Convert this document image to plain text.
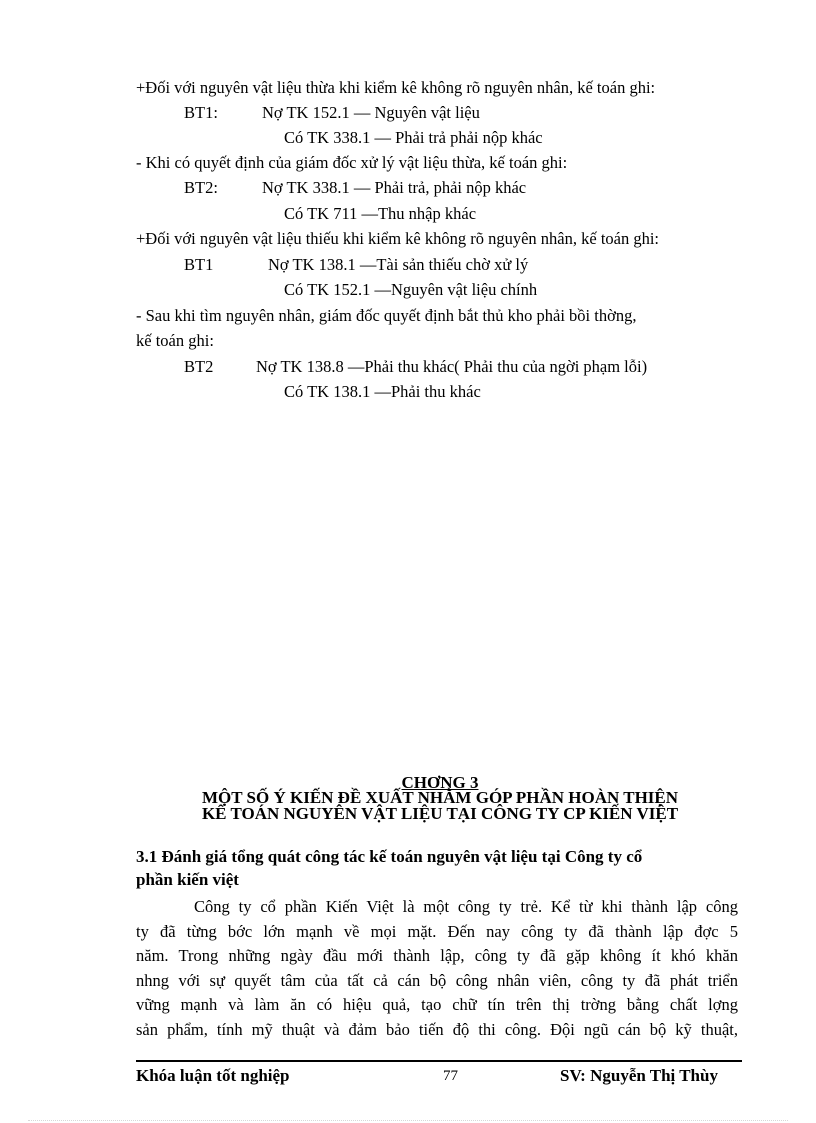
+Đối với nguyên vật liệu thừa khi kiểm kê không rõ nguyên nhân, kế toán ghi:
BT1:	Nợ TK 152.1 — Nguyên vật liệu
Có TK 338.1 — Phải trả phải nộp khác
- Khi có quyết định của giám đốc xử lý vật liệu thừa, kế toán ghi:
BT2:	Nợ TK 338.1 — Phải trả, phải nộp khác
Có TK 711 —Thu nhập khác
+Đối với nguyên vật liệu thiếu khi kiểm kê không rõ nguyên nhân, kế toán ghi:
BT1	Nợ TK 138.1 —Tài sản thiếu chờ xử lý
Có TK 152.1 —Nguyên vật liệu chính
- Sau khi tìm nguyên nhân, giám đốc quyết định bắt thủ kho phải bồi thờng,
kế toán ghi:
BT2	Nợ TK 138.8 —Phải thu khác( Phải thu của ngời phạm lỗi)
Có TK 138.1 —Phải thu khác
CHƠNG 3
MỘT SỐ Ý KIẾN ĐỀ XUẤT NHẰM GÓP PHẦN HOÀN THIỆN
KẾ TOÁN NGUYÊN VẬT LIỆU TẠI CÔNG TY CP KIẾN VIỆT
3.1 Đánh giá tổng quát công tác kế toán nguyên vật liệu tại Công ty cổ
phần kiến việt
Công ty cổ phần Kiến Việt là một công ty trẻ. Kể từ khi thành lập công
ty đã từng bớc lớn mạnh về mọi mặt. Đến nay công ty đã thành lập đợc 5
năm. Trong những ngày đầu mới thành lập, công ty đã gặp không ít khó khăn
nhng với sự quyết tâm của tất cả cán bộ công nhân viên, công ty đã phát triển
vững mạnh và làm ăn có hiệu quả, tạo chữ tín trên thị trờng bằng chất lợng
sản phẩm, tính mỹ thuật và đảm bảo tiến độ thi công. Đội ngũ cán bộ kỹ thuật,
Khóa luận tốt nghiệp	77	SV: Nguyễn Thị Thùy
